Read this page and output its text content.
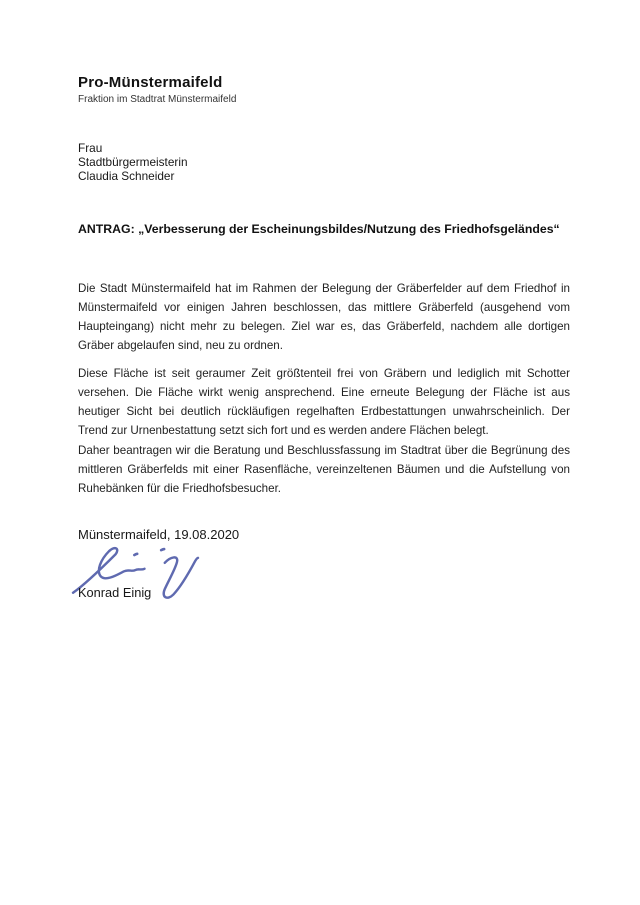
Pro-Münstermaifeld
Fraktion im Stadtrat Münstermaifeld
Frau
Stadtbürgermeisterin
Claudia Schneider
ANTRAG: „Verbesserung der Escheinungsbildes/Nutzung des Friedhofsgeländes“
Die Stadt Münstermaifeld hat im Rahmen der Belegung der Gräberfelder auf dem Friedhof in
Münstermaifeld vor einigen Jahren beschlossen, das mittlere Gräberfeld (ausgehend vom
Haupteingang) nicht mehr zu belegen. Ziel war es, das Gräberfeld, nachdem alle dortigen
Gräber abgelaufen sind, neu zu ordnen.
Diese Fläche ist seit geraumer Zeit größtenteil frei von Gräbern und lediglich mit Schotter
versehen. Die Fläche wirkt wenig ansprechend. Eine erneute Belegung der Fläche ist aus
heutiger Sicht bei deutlich rückläufigen regelhaften Erdbestattungen unwahrscheinlich. Der
Trend zur Urnenbestattung setzt sich fort und es werden andere Flächen belegt.
Daher beantragen wir die Beratung und Beschlussfassung im Stadtrat über die Begrünung des
mittleren Gräberfelds mit einer Rasenfläche, vereinzeltenen Bäumen und die Aufstellung von
Ruhebänken für die Friedhofsbesucher.
Münstermaifeld, 19.08.2020
Konrad Einig
